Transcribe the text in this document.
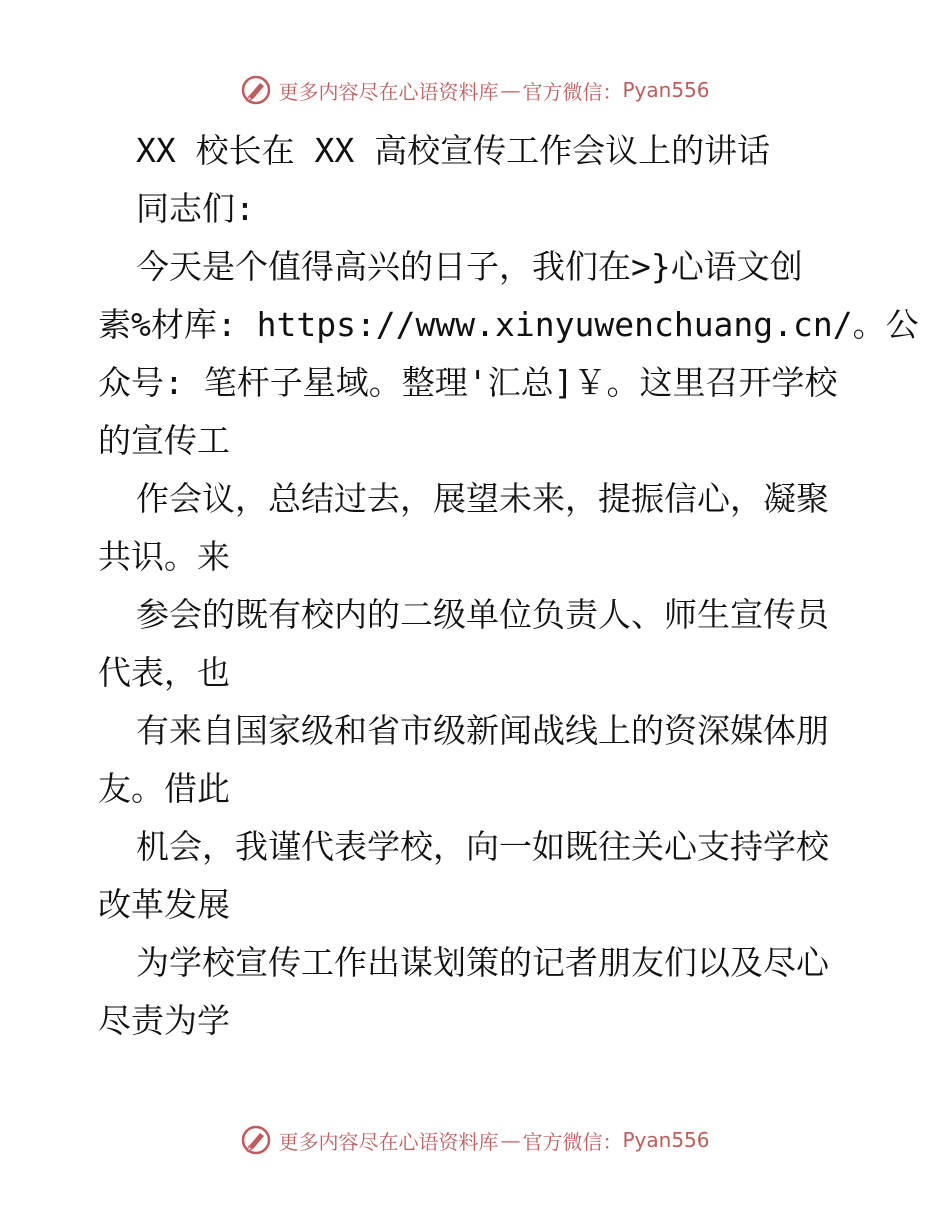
更多内容尽在心语资料库 — 官方微信： Pyan556
XX 校长在 XX 高校宣传工作会议上的讲话
同志们:
今天是个值得高兴的日子，我们在>}心语文创
素%材库: https://www.xinyuwenchuang.cn/。公
众号: 笔杆子星域。整理'汇总]￥。这里召开学校
的宣传工
作会议，总结过去，展望未来，提振信心，凝聚
共识。来
参会的既有校内的二级单位负责人、师生宣传员
代表，也
有来自国家级和省市级新闻战线上的资深媒体朋
友。借此
机会，我谨代表学校，向一如既往关心支持学校
改革发展
为学校宣传工作出谋划策的记者朋友们以及尽心
尽责为学
更多内容尽在心语资料库 — 官方微信： Pyan556
